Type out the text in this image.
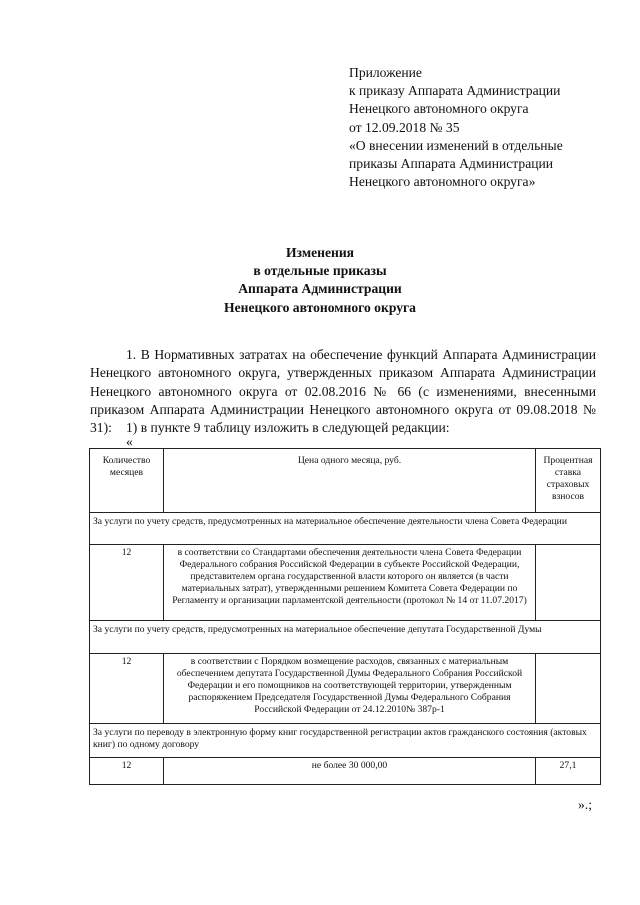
Приложение
к приказу Аппарата Администрации
Ненецкого автономного округа
от 12.09.2018 № 35
«О внесении изменений в отдельные
приказы Аппарата Администрации
Ненецкого автономного округа»
Изменения
в отдельные приказы
Аппарата Администрации
Ненецкого автономного округа
1. В Нормативных затратах на обеспечение функций Аппарата Администрации Ненецкого автономного округа, утвержденных приказом Аппарата Администрации Ненецкого автономного округа от 02.08.2016 № 66 (с изменениями, внесенными приказом Аппарата Администрации Ненецкого автономного округа от 09.08.2018 № 31):	1) в пункте 9 таблицу изложить в следующей редакции:
«
Количество месяцев	Цена одного месяца, руб.	Процентная ставка страховых взносов
За услуги по учету средств, предусмотренных на материальное обеспечение деятельности члена Совета Федерации		
12	в соответствии со Стандартами обеспечения деятельности члена Совета Федерации Федерального собрания Российской Федерации в субъекте Российской Федерации, представителем органа государственной власти которого он является (в части материальных затрат), утвержденными решением Комитета Совета Федерации по Регламенту и организации парламентской деятельности (протокол № 14 от 11.07.2017)	
За услуги по учету средств, предусмотренных на материальное обеспечение депутата Государственной Думы		
12	в соответствии с Порядком возмещение расходов, связанных с материальным обеспечением депутата Государственной Думы Федерального Собрания Российской Федерации и его помощников на соответствующей территории, утвержденным распоряжением Председателя Государственной Думы Федерального Собрания Российской Федерации от 24.12.2010№ 387р-1	
За услуги по переводу в электронную форму книг государственной регистрации актов гражданского состояния (актовых книг) по одному договору		
12	не более 30 000,00	27,1
».;
